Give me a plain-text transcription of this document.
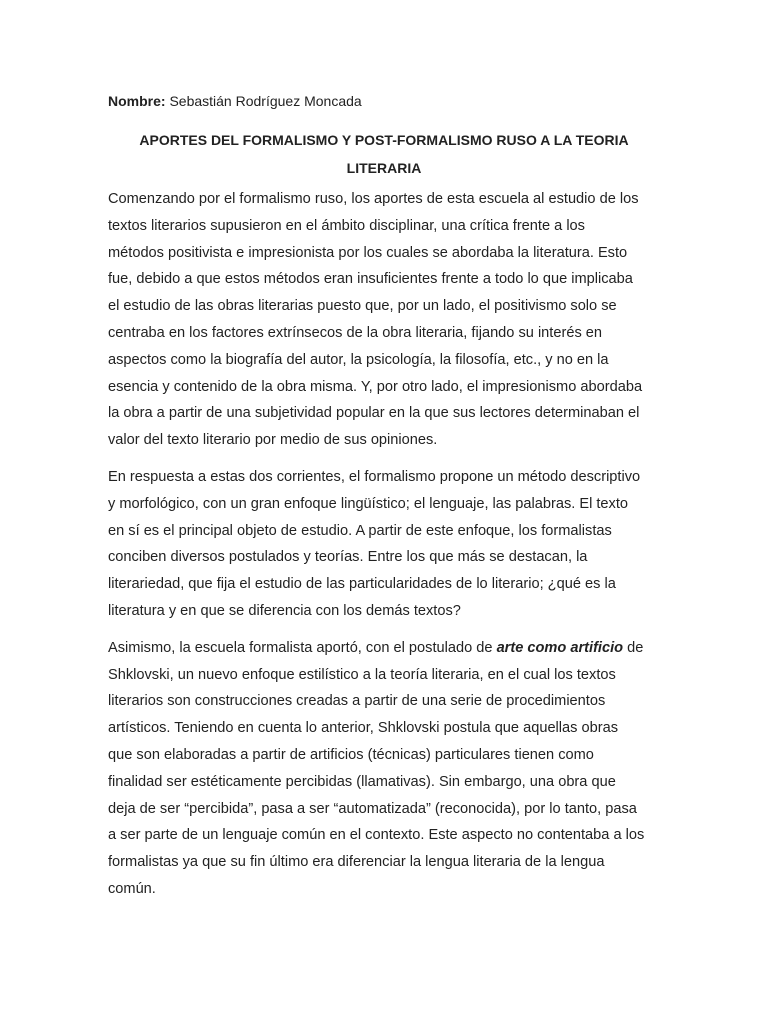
Nombre: Sebastián Rodríguez Moncada

APORTES DEL FORMALISMO Y POST-FORMALISMO RUSO A LA TEORIA
LITERARIA

Comenzando por el formalismo ruso, los aportes de esta escuela al estudio de los
textos literarios supusieron en el ámbito disciplinar, una crítica frente a los
métodos positivista e impresionista por los cuales se abordaba la literatura. Esto
fue, debido a que estos métodos eran insuficientes frente a todo lo que implicaba
el estudio de las obras literarias puesto que, por un lado, el positivismo solo se
centraba en los factores extrínsecos de la obra literaria, fijando su interés en
aspectos como la biografía del autor, la psicología, la filosofía, etc., y no en la
esencia y contenido de la obra misma. Y, por otro lado, el impresionismo abordaba
la obra a partir de una subjetividad popular en la que sus lectores determinaban el
valor del texto literario por medio de sus opiniones.

En respuesta a estas dos corrientes, el formalismo propone un método descriptivo
y morfológico, con un gran enfoque lingüístico; el lenguaje, las palabras. El texto
en sí es el principal objeto de estudio. A partir de este enfoque, los formalistas
conciben diversos postulados y teorías. Entre los que más se destacan, la
literariedad, que fija el estudio de las particularidades de lo literario; ¿qué es la
literatura y en que se diferencia con los demás textos?

Asimismo, la escuela formalista aportó, con el postulado de arte como artificio de
Shklovski, un nuevo enfoque estilístico a la teoría literaria, en el cual los textos
literarios son construcciones creadas a partir de una serie de procedimientos
artísticos. Teniendo en cuenta lo anterior, Shklovski postula que aquellas obras
que son elaboradas a partir de artificios (técnicas) particulares tienen como
finalidad ser estéticamente percibidas (llamativas). Sin embargo, una obra que
deja de ser “percibida”, pasa a ser “automatizada” (reconocida), por lo tanto, pasa
a ser parte de un lenguaje común en el contexto. Este aspecto no contentaba a los
formalistas ya que su fin último era diferenciar la lengua literaria de la lengua
común.
